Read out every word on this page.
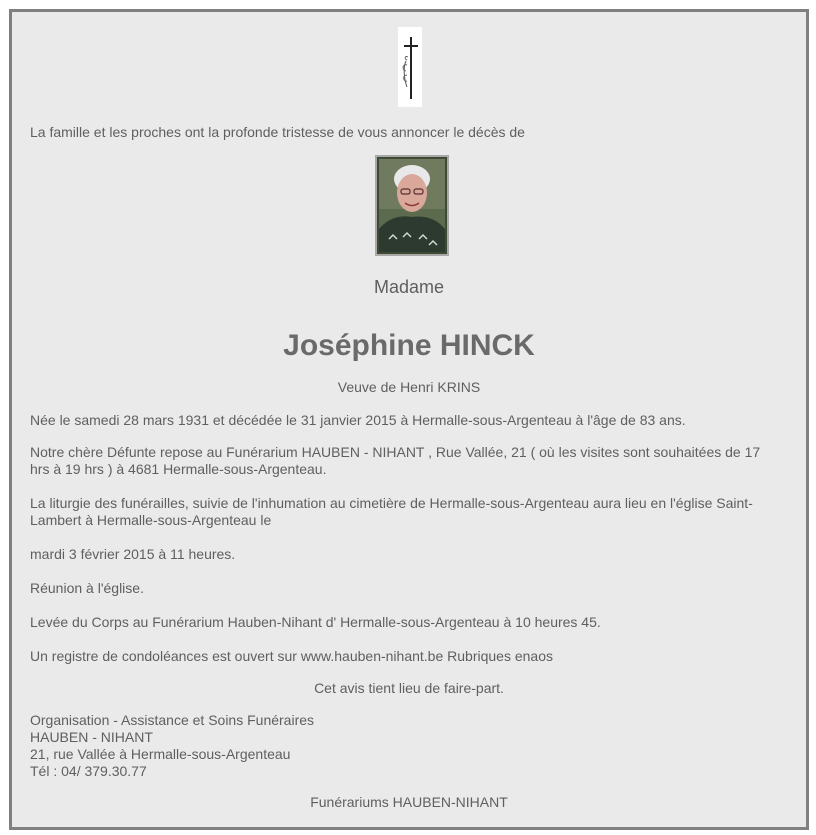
La famille et les proches ont la profonde tristesse de vous annoncer le décès de

Madame

Joséphine HINCK

Veuve de Henri KRINS

Née le samedi 28 mars 1931 et décédée le 31 janvier 2015 à Hermalle-sous-Argenteau à l'âge de 83 ans.

Notre chère Défunte repose au Funérarium HAUBEN - NIHANT , Rue Vallée, 21 ( où les visites sont souhaitées de 17

hrs à 19 hrs ) à 4681 Hermalle-sous-Argenteau.

La liturgie des funérailles, suivie de l'inhumation au cimetière de Hermalle-sous-Argenteau aura lieu en l'église Saint-

Lambert à Hermalle-sous-Argenteau le

mardi 3 février 2015 à 11 heures.

Réunion à l'église.

Levée du Corps au Funérarium Hauben-Nihant d' Hermalle-sous-Argenteau à 10 heures 45.

Un registre de condoléances est ouvert sur www.hauben-nihant.be Rubriques enaos

Cet avis tient lieu de faire-part.

Organisation - Assistance et Soins Funéraires

HAUBEN - NIHANT

21, rue Vallée à Hermalle-sous-Argenteau

Tél : 04/ 379.30.77

Funérariums HAUBEN-NIHANT
